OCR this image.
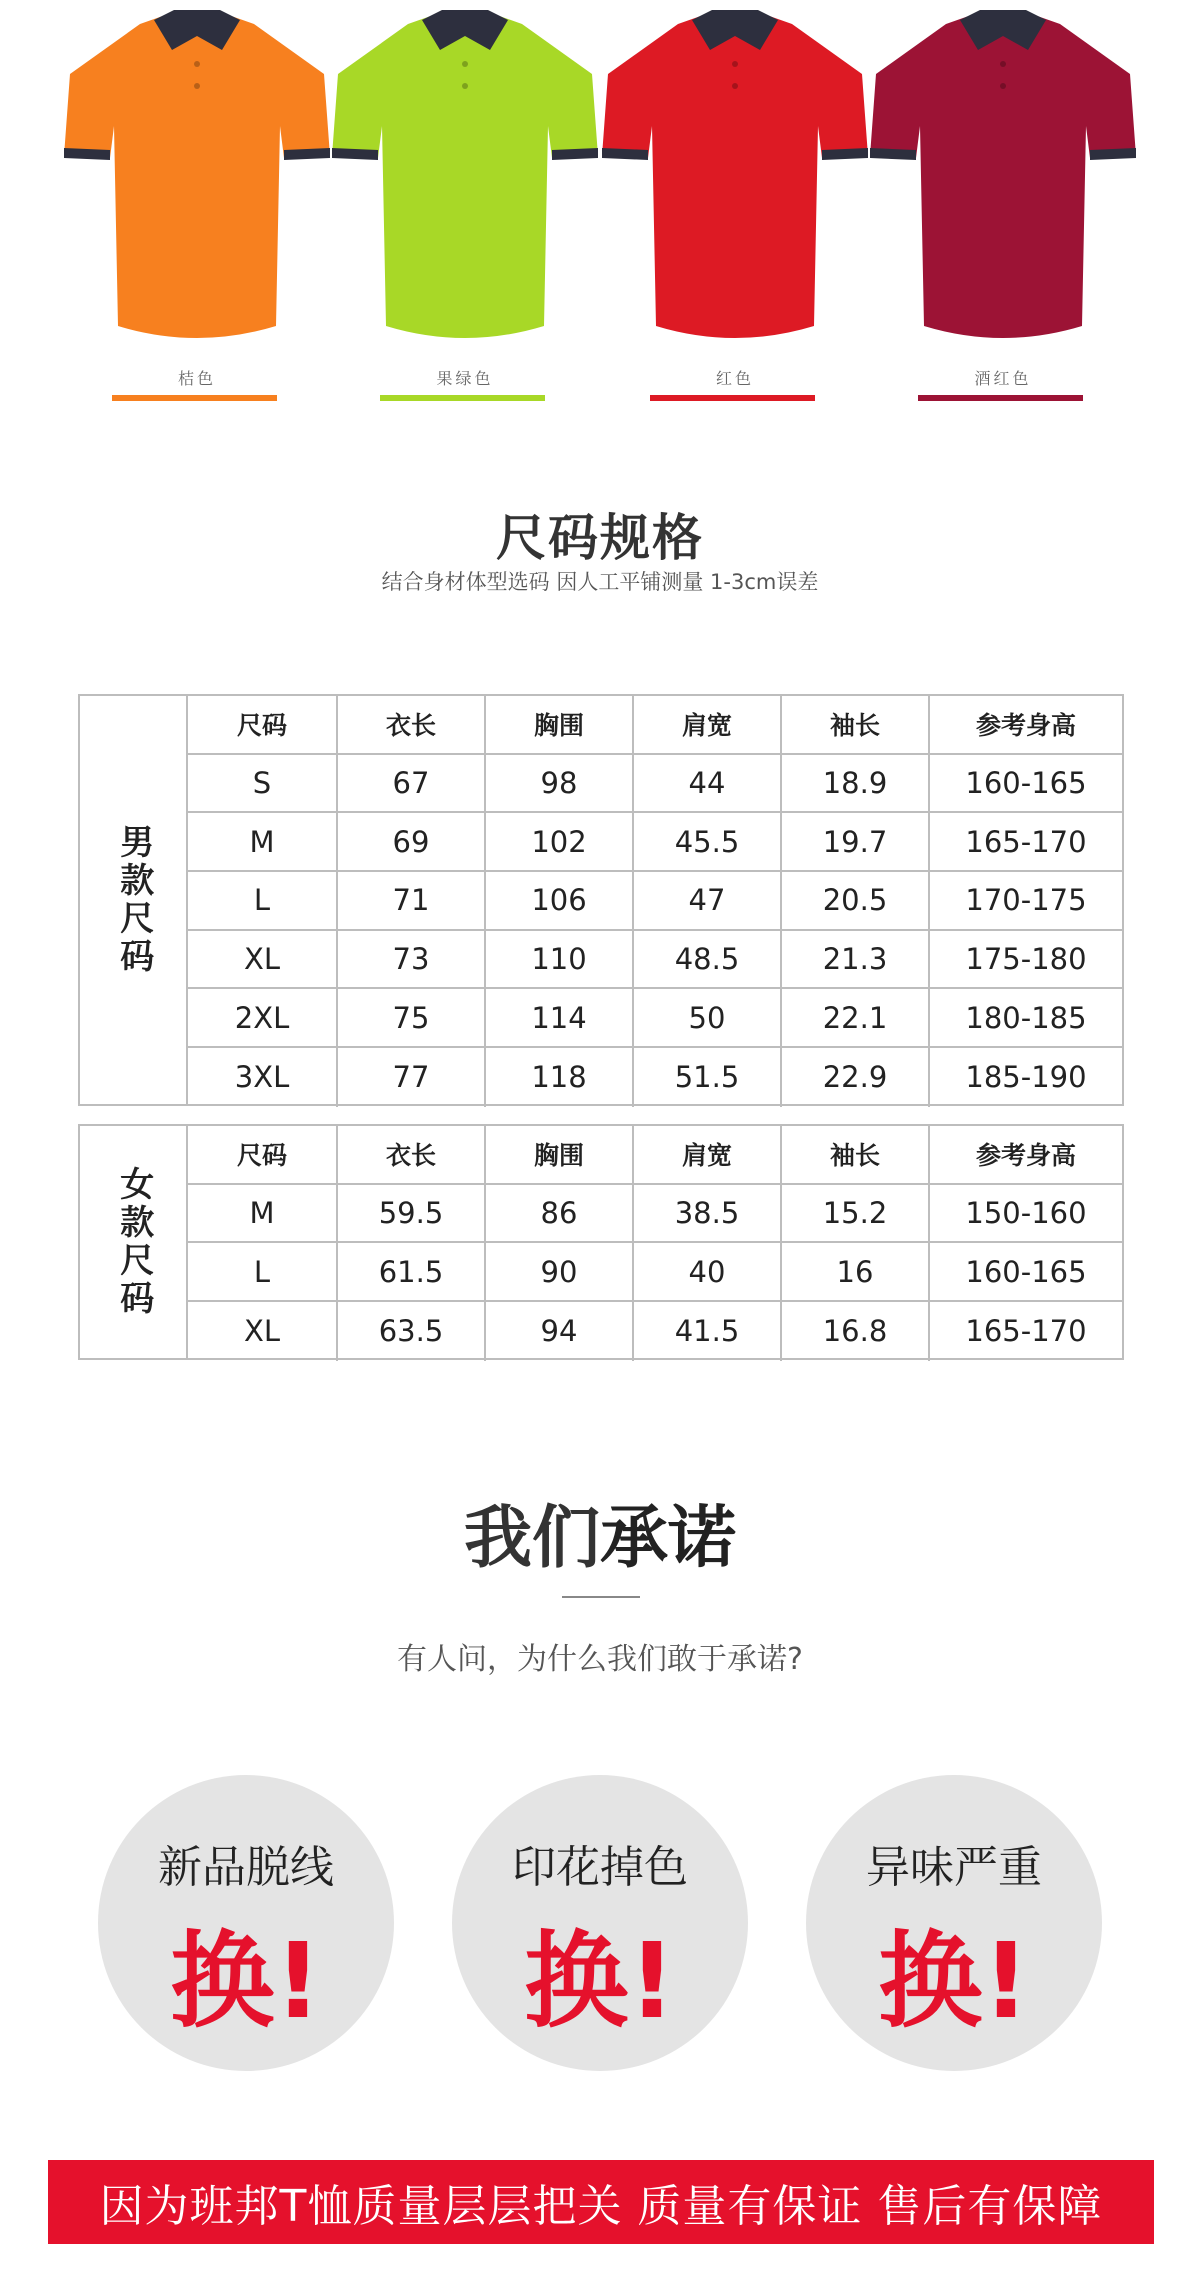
桔色	果绿色	红色	酒红色
尺码规格

结合身材体型选码 因人工平铺测量 1-3cm误差

男款尺码
尺码	衣长	胸围	肩宽	袖长	参考身高
S	67	98	44	18.9	160-165
M	69	102	45.5	19.7	165-170
L	71	106	47	20.5	170-175
XL	73	110	48.5	21.3	175-180
2XL	75	114	50	22.1	180-185
3XL	77	118	51.5	22.9	185-190
女款尺码
尺码	衣长	胸围	肩宽	袖长	参考身高
M	59.5	86	38.5	15.2	150-160
L	61.5	90	40	16	160-165
XL	63.5	94	41.5	16.8	165-170
我们承诺

有人问，为什么我们敢于承诺?

新品脱线
换!
印花掉色
换!
异味严重
换!
因为班邦T恤质量层层把关 质量有保证 售后有保障
